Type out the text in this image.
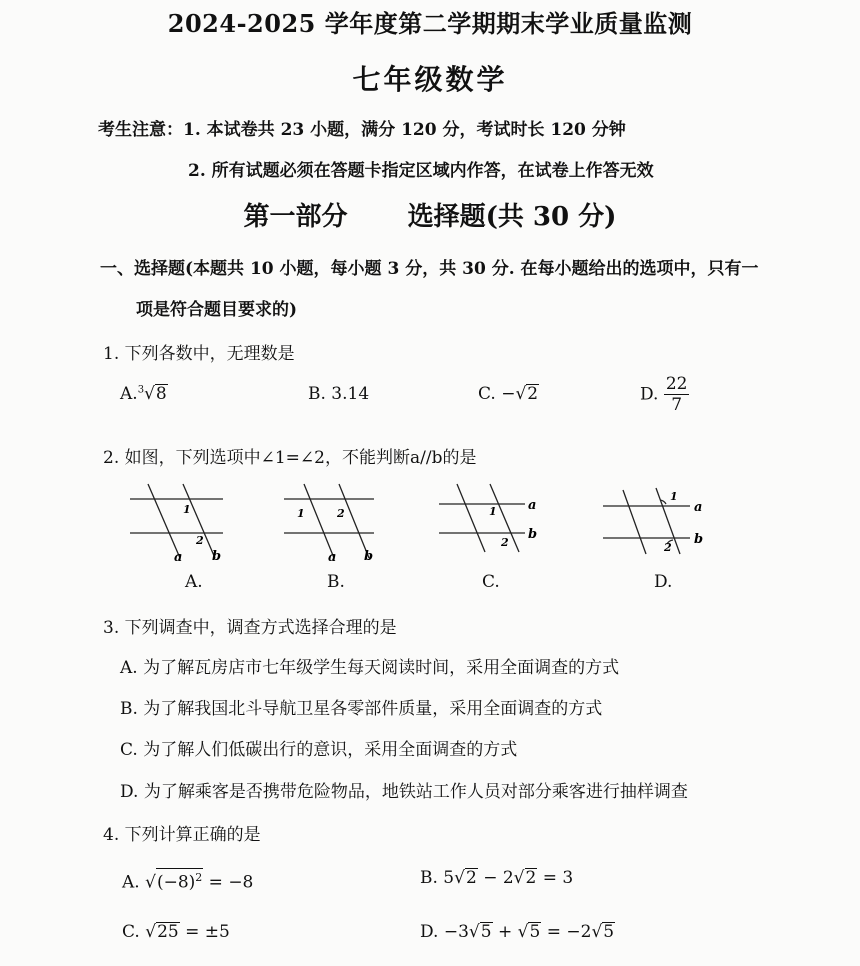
2024-2025 学年度第二学期期末学业质量监测
七年级数学
考生注意：1. 本试卷共 23 小题，满分 120 分，考试时长 120 分钟
2. 所有试题必须在答题卡指定区域内作答，在试卷上作答无效
第一部分 选择题(共 30 分)
一、选择题(本题共 10 小题，每小题 3 分，共 30 分. 在每小题给出的选项中，只有一
项是符合题目要求的)
1. 下列各数中，无理数是
A.$^3$√8	B. 3.14	C. −√2	D. $\frac{22}{7}$
2. 如图，下列选项中∠1=∠2，不能判断a//b的是
1
2
a b
A.
1	2
a b
B.
1
2
a
b
C.
1
2
a
b
D.
3. 下列调查中，调查方式选择合理的是
A. 为了解瓦房店市七年级学生每天阅读时间，采用全面调查的方式
B. 为了解我国北斗导航卫星各零部件质量，采用全面调查的方式
C. 为了解人们低碳出行的意识，采用全面调查的方式
D. 为了解乘客是否携带危险物品，地铁站工作人员对部分乘客进行抽样调查
4. 下列计算正确的是
A. $√(-8)^2 = -8$	B. 5√2 − 2√2 = 3
C. √25 = ±5	D. −3√5 + √5 = −2√5
